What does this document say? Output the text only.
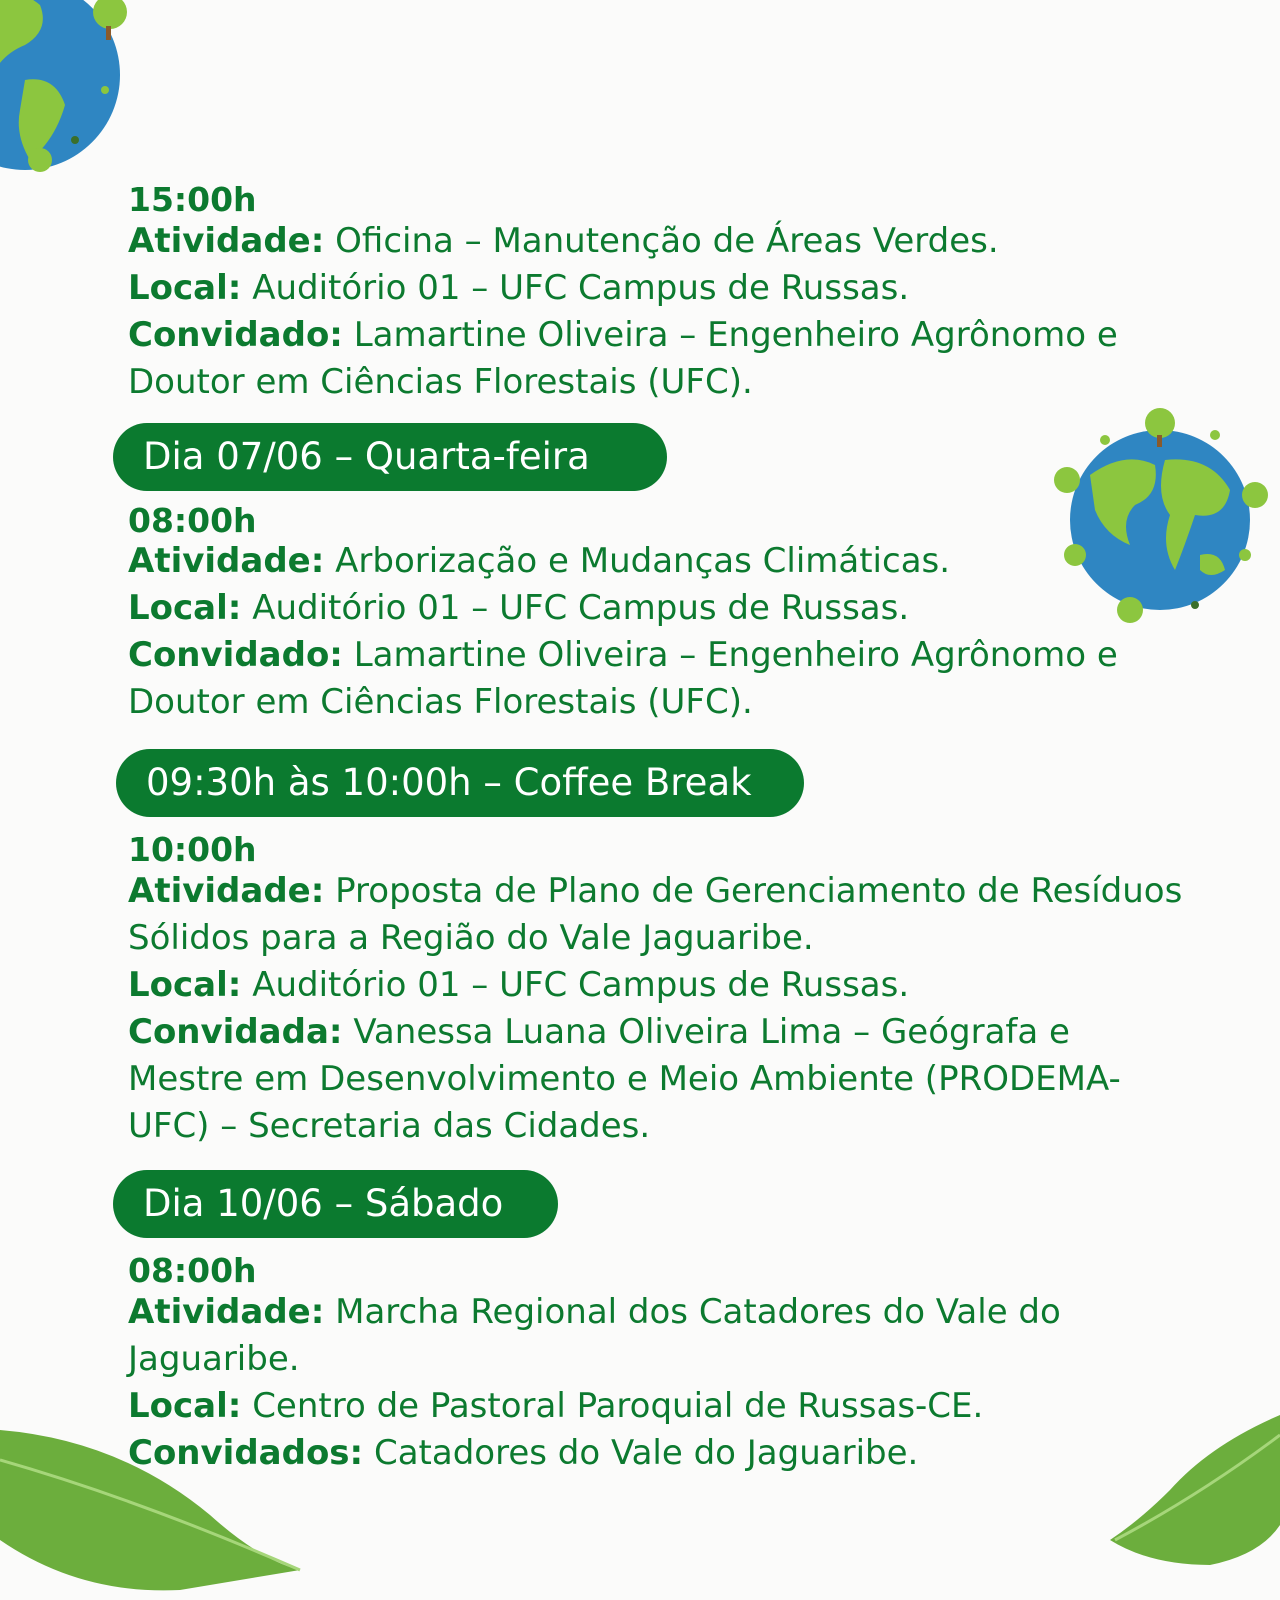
15:00h
Atividade: Oficina – Manutenção de Áreas Verdes.
Local: Auditório 01 – UFC Campus de Russas.
Convidado: Lamartine Oliveira – Engenheiro Agrônomo e
Doutor em Ciências Florestais (UFC).
Dia 07/06 – Quarta-feira
08:00h
Atividade: Arborização e Mudanças Climáticas.
Local: Auditório 01 – UFC Campus de Russas.
Convidado: Lamartine Oliveira – Engenheiro Agrônomo e
Doutor em Ciências Florestais (UFC).
09:30h às 10:00h – Coffee Break
10:00h
Atividade: Proposta de Plano de Gerenciamento de Resíduos
Sólidos para a Região do Vale Jaguaribe.
Local: Auditório 01 – UFC Campus de Russas.
Convidada: Vanessa Luana Oliveira Lima – Geógrafa e
Mestre em Desenvolvimento e Meio Ambiente (PRODEMA-
UFC) – Secretaria das Cidades.
Dia 10/06 – Sábado
08:00h
Atividade: Marcha Regional dos Catadores do Vale do
Jaguaribe.
Local: Centro de Pastoral Paroquial de Russas-CE.
Convidados: Catadores do Vale do Jaguaribe.
